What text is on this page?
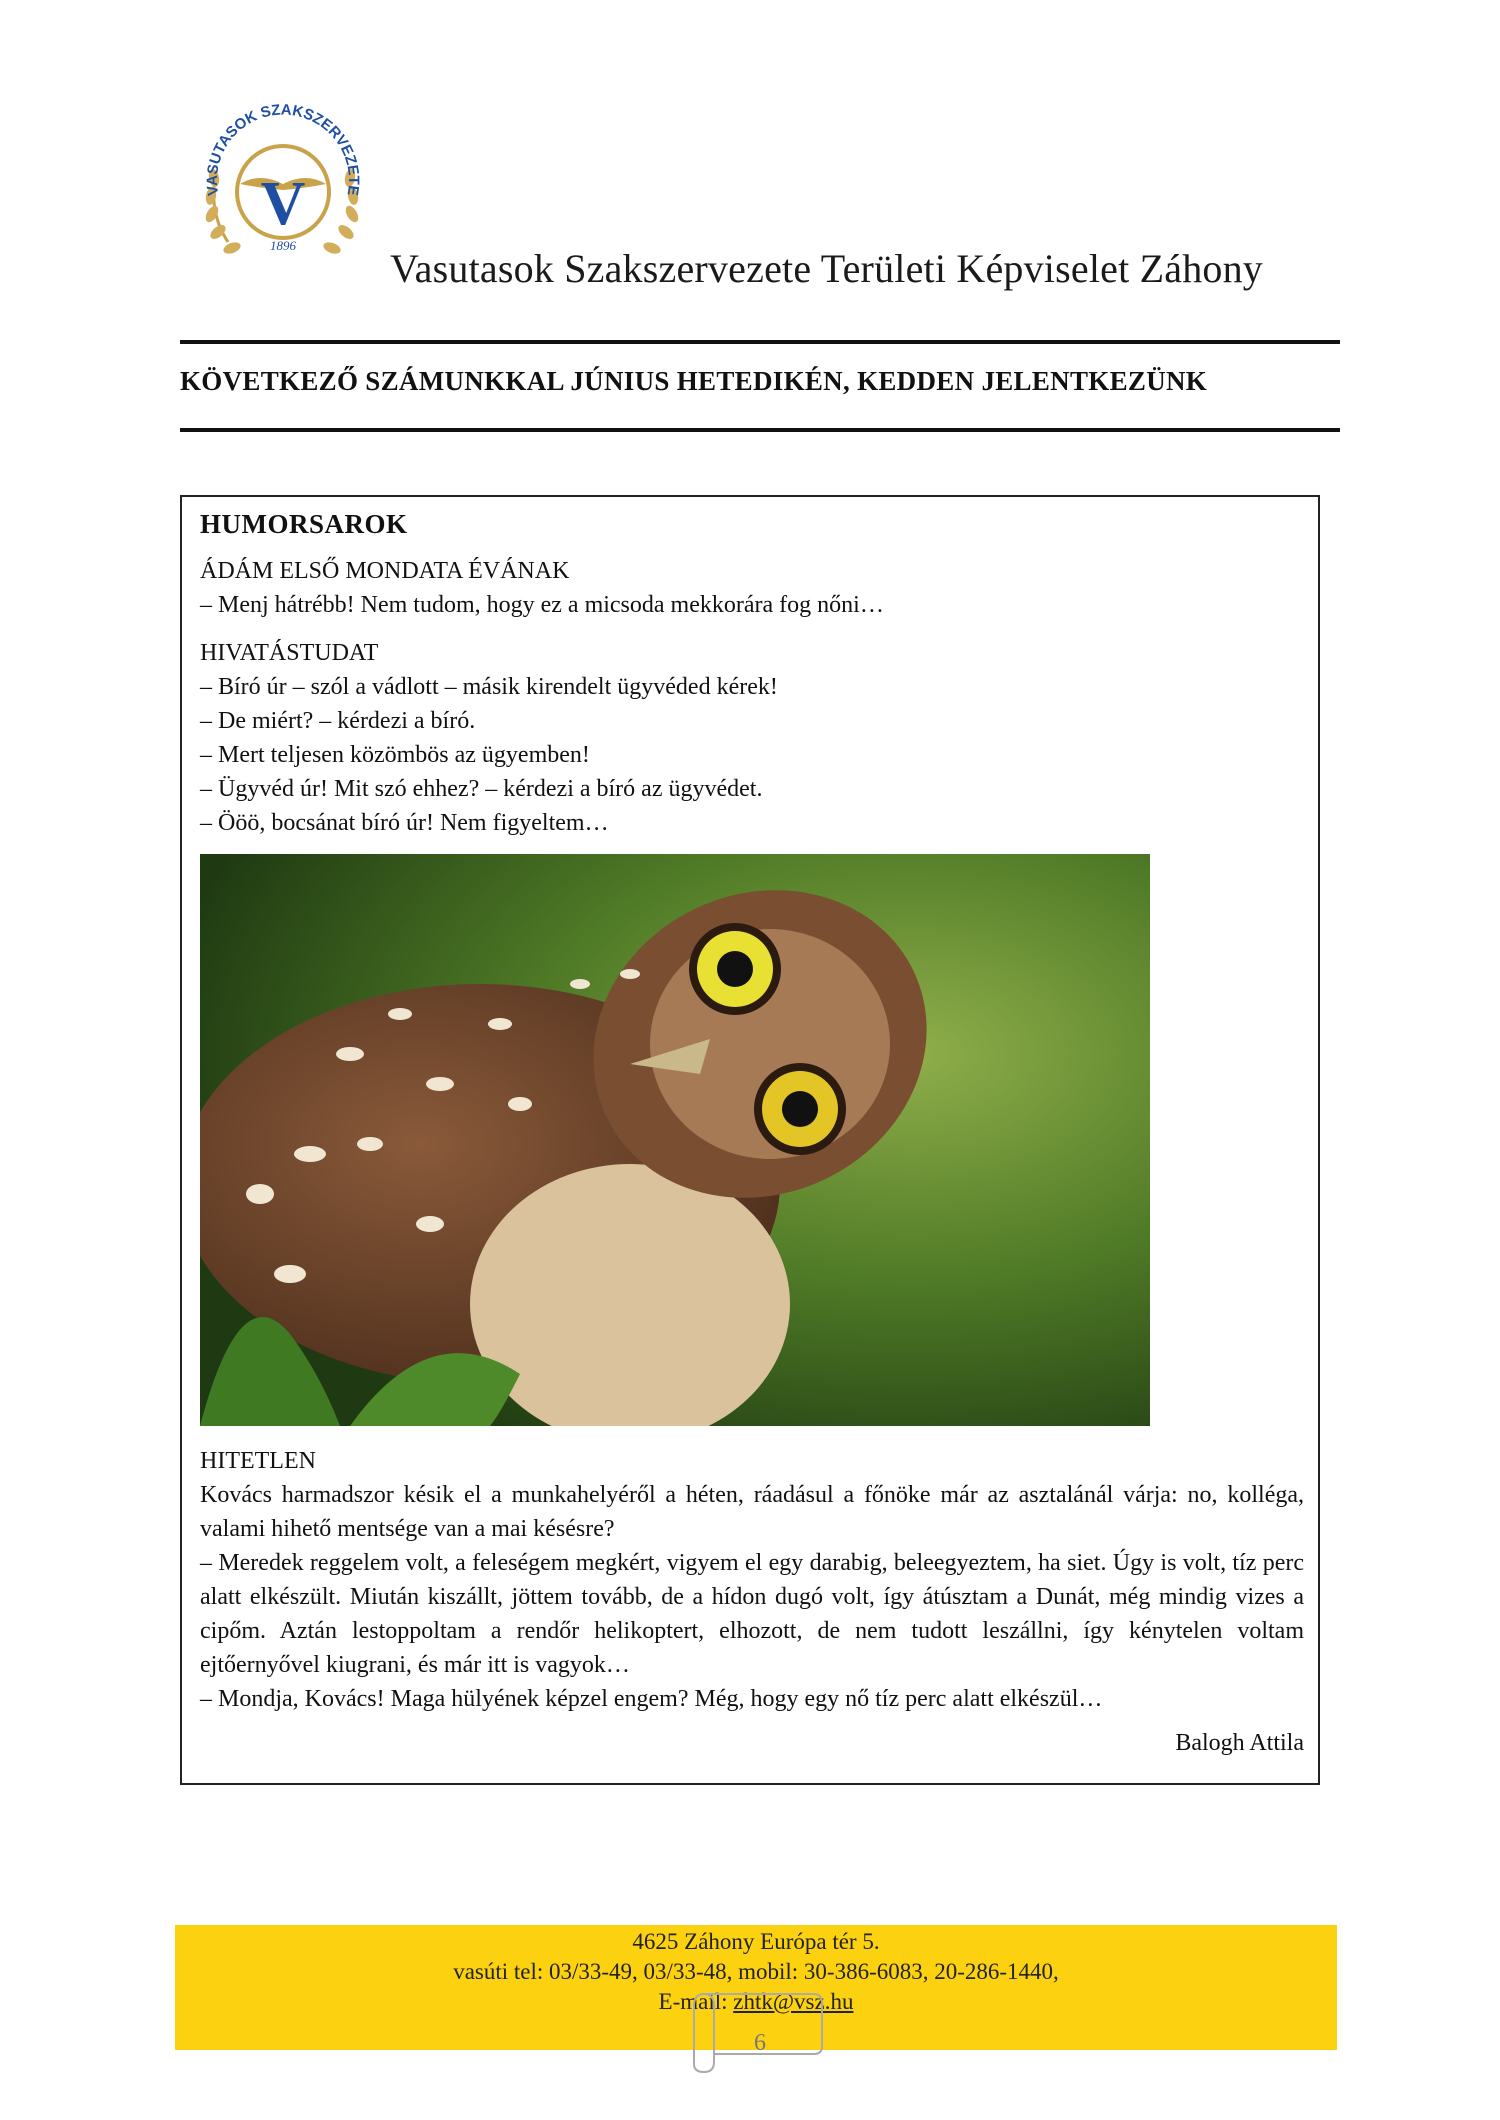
VASUTASOK SZAKSZERVEZETE
V
1896
Vasutasok Szakszervezete Területi Képviselet Záhony
KÖVETKEZŐ SZÁMUNKKAL JÚNIUS HETEDIKÉN, KEDDEN JELENTKEZÜNK

HUMORSAROK

ÁDÁM ELSŐ MONDATA ÉVÁNAK

– Menj hátrébb! Nem tudom, hogy ez a micsoda mekkorára fog nőni…

HIVATÁSTUDAT

– Bíró úr – szól a vádlott – másik kirendelt ügyvéded kérek!

– De miért? – kérdezi a bíró.

– Mert teljesen közömbös az ügyemben!

– Ügyvéd úr! Mit szó ehhez? – kérdezi a bíró az ügyvédet.

– Ööö, bocsánat bíró úr! Nem figyeltem…

HITETLEN

Kovács harmadszor késik el a munkahelyéről a héten, ráadásul a főnöke már az asztalánál várja: no, kolléga, valami hihető mentsége van a mai késésre?

– Meredek reggelem volt, a feleségem megkért, vigyem el egy darabig, beleegyeztem, ha siet. Úgy is volt, tíz perc alatt elkészült. Miután kiszállt, jöttem tovább, de a hídon dugó volt, így átúsztam a Dunát, még mindig vizes a cipőm. Aztán lestoppoltam a rendőr helikoptert, elhozott, de nem tudott leszállni, így kénytelen voltam ejtőernyővel kiugrani, és már itt is vagyok…

– Mondja, Kovács! Maga hülyének képzel engem? Még, hogy egy nő tíz perc alatt elkészül…

Balogh Attila
4625 Záhony Európa tér 5.
vasúti tel: 03/33-49, 03/33-48, mobil: 30-386-6083, 20-286-1440,
E-mail: zhtk@vsz.hu
6
